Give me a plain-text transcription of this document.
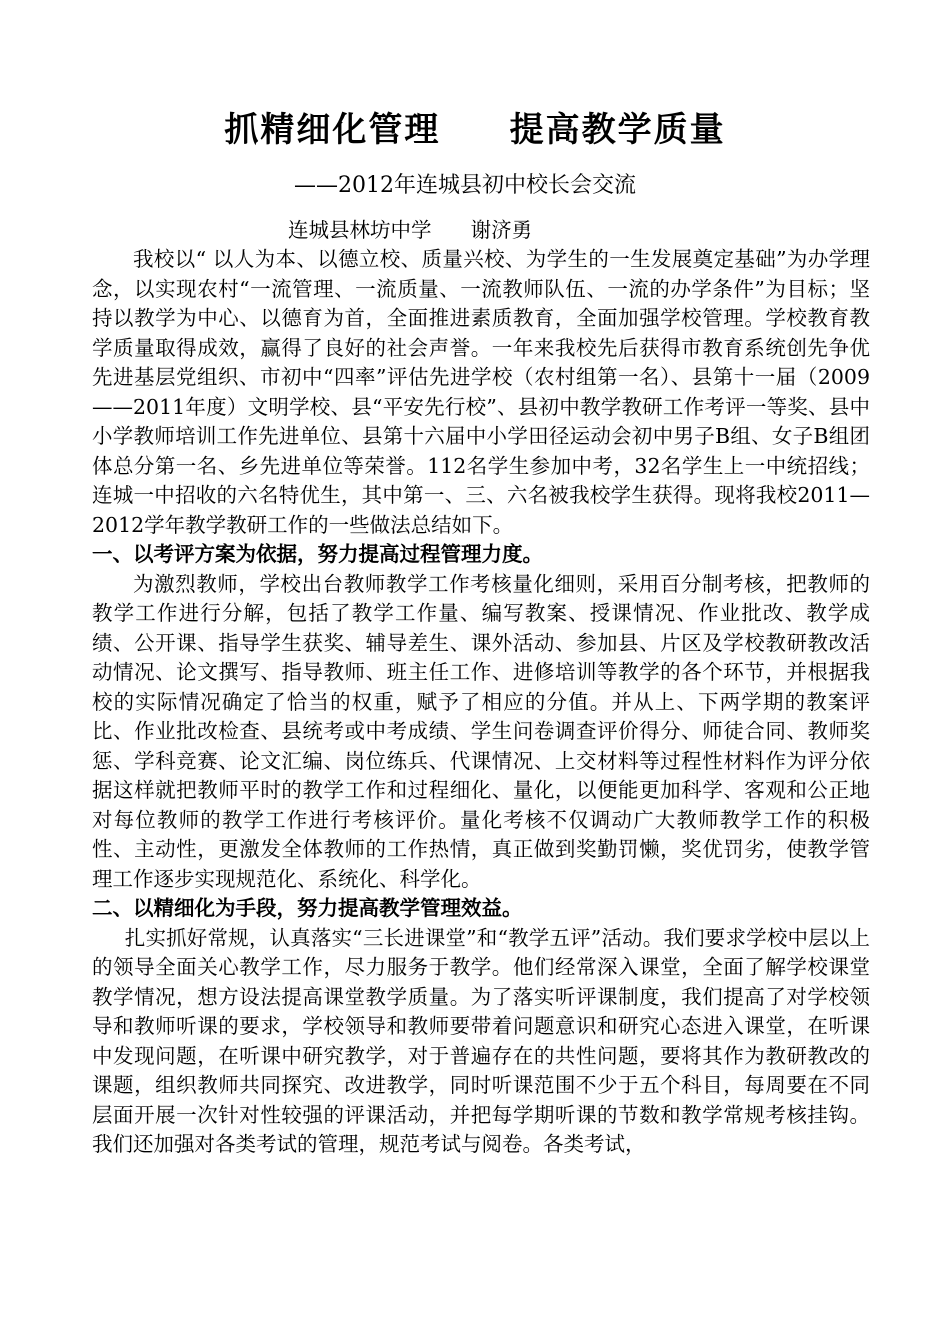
抓精细化管理     提高教学质量
——2012年连城县初中校长会交流
连城县林坊中学      谢济勇

我校以“ 以人为本、以德立校、质量兴校、为学生的一生发展奠定基础”为办学理念，以实现农村“一流管理、一流质量、一流教师队伍、一流的办学条件”为目标；坚持以教学为中心、以德育为首，全面推进素质教育，全面加强学校管理。学校教育教学质量取得成效，赢得了良好的社会声誉。一年来我校先后获得市教育系统创先争优先进基层党组织、市初中“四率”评估先进学校（农村组第一名）、县第十一届（2009——2011年度）文明学校、县“平安先行校”、县初中教学教研工作考评一等奖、县中小学教师培训工作先进单位、县第十六届中小学田径运动会初中男子B组、女子B组团体总分第一名、乡先进单位等荣誉。112名学生参加中考，32名学生上一中统招线；连城一中招收的六名特优生，其中第一、三、六名被我校学生获得。现将我校2011—2012学年教学教研工作的一些做法总结如下。

一、以考评方案为依据，努力提高过程管理力度。

为激烈教师，学校出台教师教学工作考核量化细则，采用百分制考核，把教师的教学工作进行分解，包括了教学工作量、编写教案、授课情况、作业批改、教学成绩、公开课、指导学生获奖、辅导差生、课外活动、参加县、片区及学校教研教改活动情况、论文撰写、指导教师、班主任工作、进修培训等教学的各个环节，并根据我校的实际情况确定了恰当的权重，赋予了相应的分值。并从上、下两学期的教案评比、作业批改检查、县统考或中考成绩、学生问卷调查评价得分、师徒合同、教师奖惩、学科竞赛、论文汇编、岗位练兵、代课情况、上交材料等过程性材料作为评分依据这样就把教师平时的教学工作和过程细化、量化，以便能更加科学、客观和公正地对每位教师的教学工作进行考核评价。量化考核不仅调动广大教师教学工作的积极性、主动性，更激发全体教师的工作热情，真正做到奖勤罚懒，奖优罚劣，使教学管理工作逐步实现规范化、系统化、科学化。

二、以精细化为手段，努力提高教学管理效益。

扎实抓好常规，认真落实“三长进课堂”和“教学五评”活动。我们要求学校中层以上的领导全面关心教学工作，尽力服务于教学。他们经常深入课堂，全面了解学校课堂教学情况，想方设法提高课堂教学质量。为了落实听评课制度，我们提高了对学校领导和教师听课的要求，学校领导和教师要带着问题意识和研究心态进入课堂，在听课中发现问题，在听课中研究教学，对于普遍存在的共性问题，要将其作为教研教改的课题，组织教师共同探究、改进教学，同时听课范围不少于五个科目，每周要在不同层面开展一次针对性较强的评课活动，并把每学期听课的节数和教学常规考核挂钩。我们还加强对各类考试的管理，规范考试与阅卷。各类考试，
